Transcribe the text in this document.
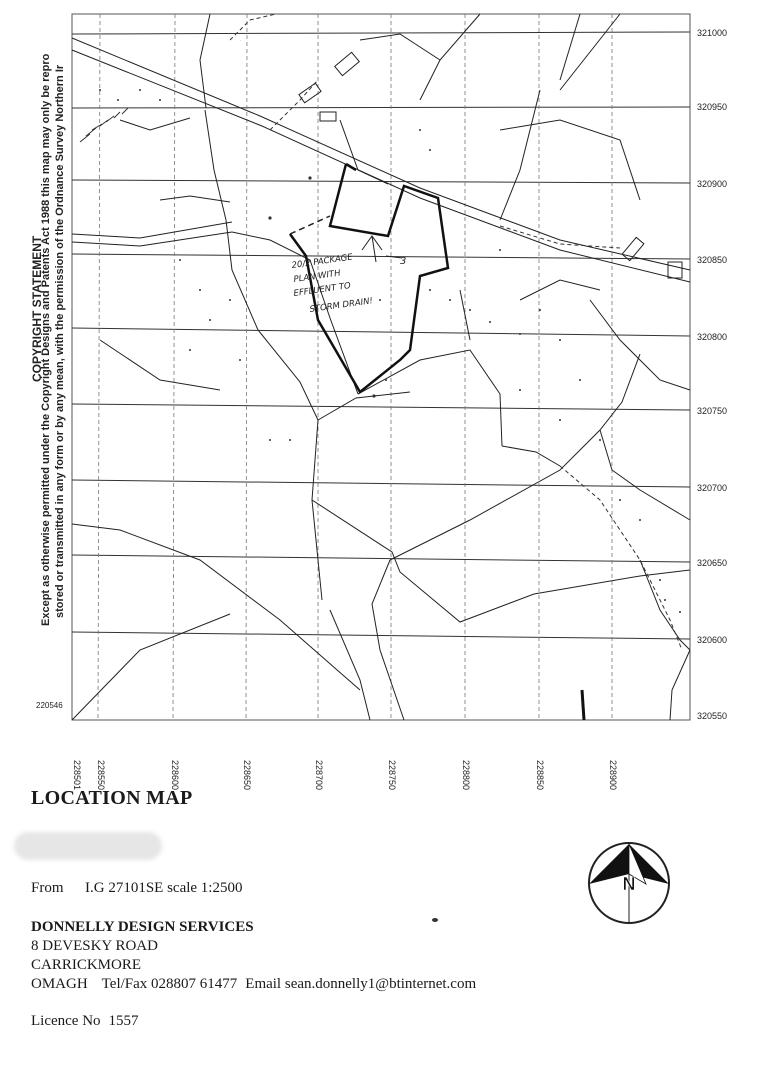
·
20/2 PACKAGE
PLAN WITH
EFFLUENT TO
STORM DRAIN!
3
COPYRIGHT STATEMENT
Except as otherwise permitted under the Copyright Designs and Patents Act 1988 this map may only be repro stored or transmitted in any form or by any mean, with the permission of the Ordnance Survey Northern Ir
321000
320950
320900
320850
320800
320750
320700
320650
320600
320550
228501 228550	228600	228650	228700	228750	228800	228850	228900
220546
LOCATION MAP
From I.G 27101SE scale 1:2500
DONNELLY DESIGN SERVICES
8 DEVESKY ROAD
CARRICKMORE
OMAGH Tel/Fax 028807 61477 Email sean.donnelly1@btinternet.com
Licence No 1557
N
